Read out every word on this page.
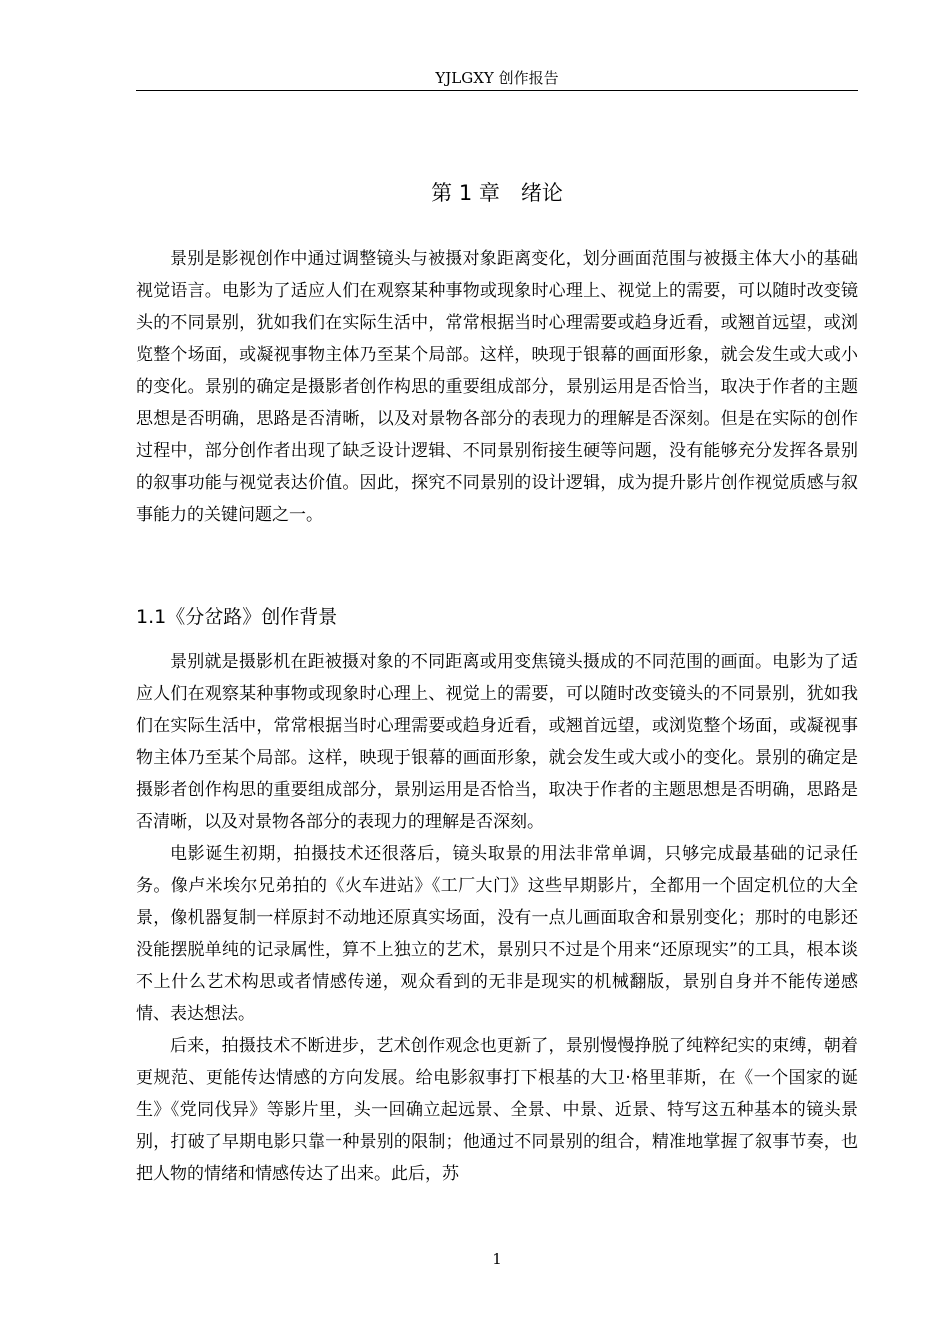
YJLGXY 创作报告
第 1 章　绪论

景别是影视创作中通过调整镜头与被摄对象距离变化，划分画面范围与被摄主体大小的基础视觉语言。电影为了适应人们在观察某种事物或现象时心理上、视觉上的需要，可以随时改变镜头的不同景别，犹如我们在实际生活中，常常根据当时心理需要或趋身近看，或翘首远望，或浏览整个场面，或凝视事物主体乃至某个局部。这样，映现于银幕的画面形象，就会发生或大或小的变化。景别的确定是摄影者创作构思的重要组成部分，景别运用是否恰当，取决于作者的主题思想是否明确，思路是否清晰，以及对景物各部分的表现力的理解是否深刻。但是在实际的创作过程中，部分创作者出现了缺乏设计逻辑、不同景别衔接生硬等问题，没有能够充分发挥各景别的叙事功能与视觉表达价值。因此，探究不同景别的设计逻辑，成为提升影片创作视觉质感与叙事能力的关键问题之一。

1.1《分岔路》创作背景

景别就是摄影机在距被摄对象的不同距离或用变焦镜头摄成的不同范围的画面。电影为了适应人们在观察某种事物或现象时心理上、视觉上的需要，可以随时改变镜头的不同景别，犹如我们在实际生活中，常常根据当时心理需要或趋身近看，或翘首远望，或浏览整个场面，或凝视事物主体乃至某个局部。这样，映现于银幕的画面形象，就会发生或大或小的变化。景别的确定是摄影者创作构思的重要组成部分，景别运用是否恰当，取决于作者的主题思想是否明确，思路是否清晰，以及对景物各部分的表现力的理解是否深刻。

电影诞生初期，拍摄技术还很落后，镜头取景的用法非常单调，只够完成最基础的记录任务。像卢米埃尔兄弟拍的《火车进站》《工厂大门》这些早期影片，全都用一个固定机位的大全景，像机器复制一样原封不动地还原真实场面，没有一点儿画面取舍和景别变化；那时的电影还没能摆脱单纯的记录属性，算不上独立的艺术，景别只不过是个用来“还原现实”的工具，根本谈不上什么艺术构思或者情感传递，观众看到的无非是现实的机械翻版，景别自身并不能传递感情、表达想法。

后来，拍摄技术不断进步，艺术创作观念也更新了，景别慢慢挣脱了纯粹纪实的束缚，朝着更规范、更能传达情感的方向发展。给电影叙事打下根基的大卫·格里菲斯，在《一个国家的诞生》《党同伐异》等影片里，头一回确立起远景、全景、中景、近景、特写这五种基本的镜头景别，打破了早期电影只靠一种景别的限制；他通过不同景别的组合，精准地掌握了叙事节奏，也把人物的情绪和情感传达了出来。此后，苏

1
